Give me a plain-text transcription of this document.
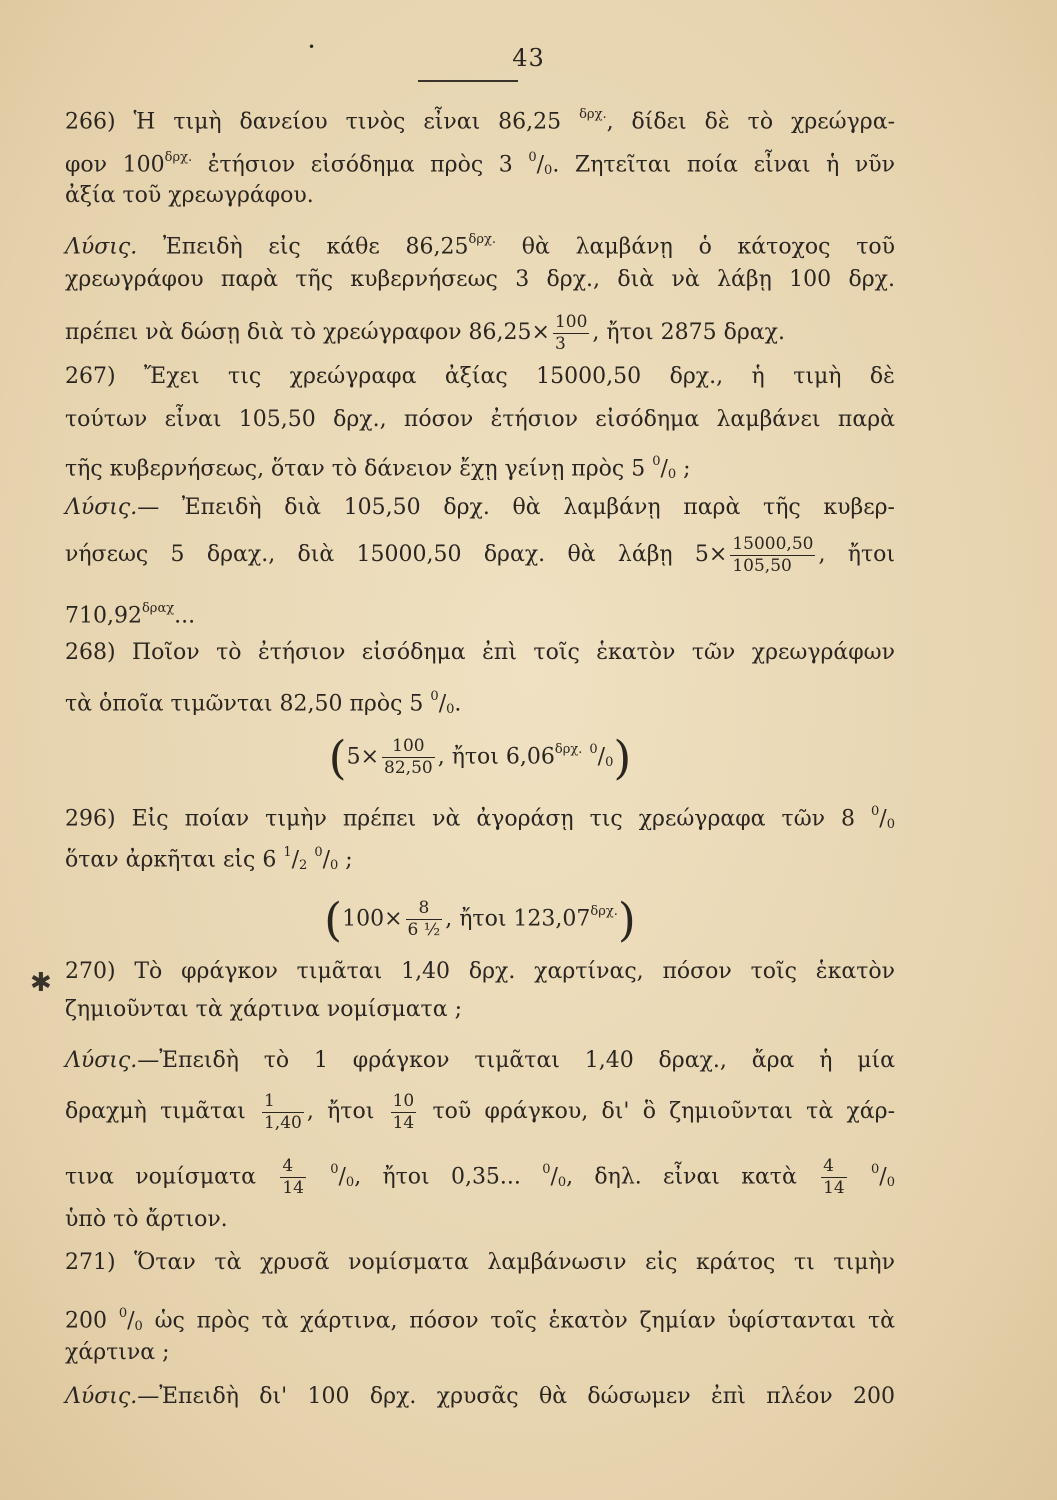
•	43
✱
266) Ἡ τιμὴ δανείου τινὸς εἶναι 86,25 $^{\delta\rho\chi.}$, δίδει δὲ τὸ χρεώγρα-
φον $100^{\delta\rho\chi.}$ ἐτήσιον εἰσόδημα πρὸς 3 $^0/_0$. Ζητεῖται ποία εἶναι ἡ νῦν
ἀξία τοῦ χρεωγράφου.
Λύσις. Ἐπειδὴ εἰς κάθε $86,25^{\delta\rho\chi.}$ θὰ λαμβάνῃ ὁ κάτοχος τοῦ
χρεωγράφου παρὰ τῆς κυβερνήσεως 3 δρχ., διὰ νὰ λάβῃ 100 δρχ.
πρέπει νὰ δώσῃ διὰ τὸ χρεώγραφον $86,25\times \frac{100}{3}$ , ἤτοι 2875 δραχ.
267) Ἔχει τις χρεώγραφα ἀξίας 15000,50 δρχ., ἡ τιμὴ δὲ
τούτων εἶναι 105,50 δρχ., πόσον ἐτήσιον εἰσόδημα λαμβάνει παρὰ
τῆς κυβερνήσεως, ὅταν τὸ δάνειον ἔχῃ γείνῃ πρὸς 5 $^0/_0$ ;
Λύσις.— Ἐπειδὴ διὰ 105,50 δρχ. θὰ λαμβάνῃ παρὰ τῆς κυβερ-
νήσεως 5 δραχ., διὰ 15000,50 δραχ. θὰ λάβῃ $5\times \frac{15000,50}{105,50}$ , ἤτοι
$710,92^{\delta\rho\alpha\chi}$...
268) Ποῖον τὸ ἐτήσιον εἰσόδημα ἐπὶ τοῖς ἑκατὸν τῶν χρεωγράφων
τὰ ὁποῖα τιμῶνται 82,50 πρὸς 5 $^0/_0$.
($5\times \frac{100}{82,50}$ , ἤτοι $6,06^{\delta\rho\chi.}$ $^0/_0$)
296) Εἰς ποίαν τιμὴν πρέπει νὰ ἀγοράσῃ τις χρεώγραφα τῶν 8 $^0/_0$
ὅταν ἀρκῆται εἰς 6 $^1/_2$ $^0/_0$ ;
($100\times \frac{8}{\text{6 ½}}$ , ἤτοι $123,07^{\delta\rho\chi.}$)
270) Τὸ φράγκον τιμᾶται 1,40 δρχ. χαρτίνας, πόσον τοῖς ἑκατὸν
ζημιοῦνται τὰ χάρτινα νομίσματα ;
Λύσις.—Ἐπειδὴ τὸ 1 φράγκον τιμᾶται 1,40 δραχ., ἄρα ἡ μία
δραχμὴ τιμᾶται $\frac{1}{1,40}$ , ἤτοι $\frac{10}{14}$ τοῦ φράγκου, δι' ὃ ζημιοῦνται τὰ χάρ-
τινα νομίσματα $\frac{4}{14} ^0/_0$, ἤτοι 0,35... $^0/_0$, δηλ. εἶναι κατὰ $\frac{4}{14} ^0/_0$
ὑπὸ τὸ ἄρτιον.
271) Ὅταν τὰ χρυσᾶ νομίσματα λαμβάνωσιν εἰς κράτος τι τιμὴν
200 $^0/_0$ ὡς πρὸς τὰ χάρτινα, πόσον τοῖς ἑκατὸν ζημίαν ὑφίστανται τὰ
χάρτινα ;
Λύσις.—Ἐπειδὴ δι' 100 δρχ. χρυσᾶς θὰ δώσωμεν ἐπὶ πλέον 200
